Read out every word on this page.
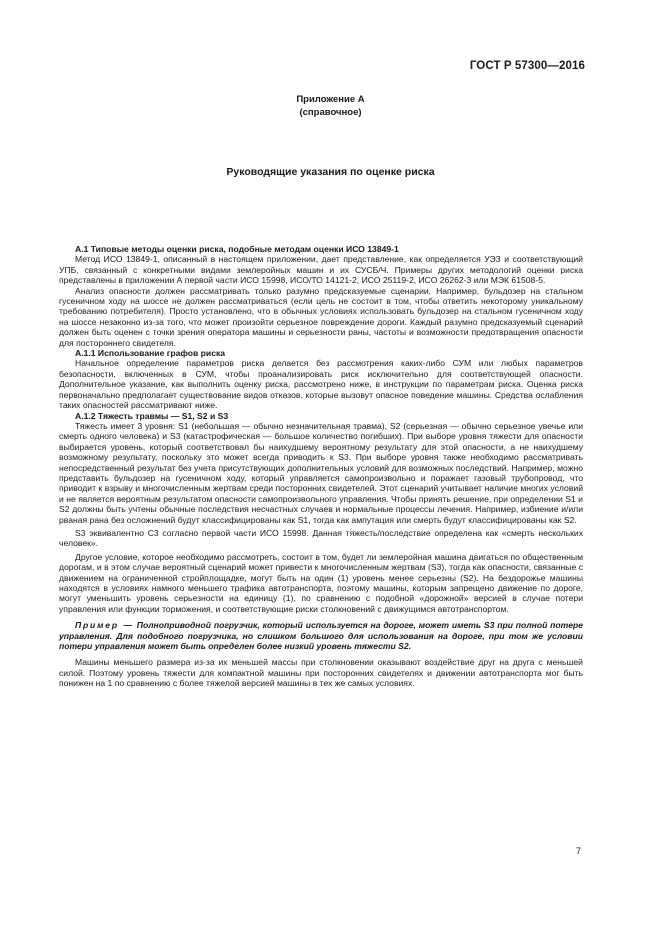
ГОСТ Р 57300—2016
Приложение А
(справочное)
Руководящие указания по оценке риска

А.1 Типовые методы оценки риска, подобные методам оценки ИСО 13849-1

Метод ИСО 13849-1, описанный в настоящем приложении, дает представление, как определяется УЭЗ и соответствующий УПБ, связанный с конкретными видами землеройных машин и их СУСБ/Ч. Примеры других методологий оценки риска представлены в приложении А первой части ИСО 15998, ИСО/ТО 14121-2, ИСО 25119-2, ИСО 26262-3 или МЭК 61508-5.

Анализ опасности должен рассматривать только разумно предсказуемые сценарии. Например, бульдозер на стальном гусеничном ходу на шоссе не должен рассматриваться (если цель не состоит в том, чтобы ответить некоторому уникальному требованию потребителя). Просто установлено, что в обычных условиях использовать бульдозер на стальном гусеничном ходу на шоссе незаконно из-за того, что может произойти серьезное повреждение дороги. Каждый разумно предсказуемый сценарий должен быть оценен с точки зрения оператора машины и серьезности раны, частоты и возможности предотвращения опасности для постороннего свидетеля.

А.1.1 Использование графов риска

Начальное определение параметров риска делается без рассмотрения каких-либо СУМ или любых параметров безопасности, включенных в СУМ, чтобы проанализировать риск исключительно для соответствующей опасности. Дополнительное указание, как выполнить оценку риска, рассмотрено ниже, в инструкции по параметрам риска. Оценка риска первоначально предполагает существование видов отказов, которые вызовут опасное поведение машины. Средства ослабления таких опасностей рассматривают ниже.

А.1.2 Тяжесть травмы — S1, S2 и S3

Тяжесть имеет 3 уровня: S1 (небольшая — обычно незначительная травма), S2 (серьезная — обычно серьезное увечье или смерть одного человека) и S3 (катастрофическая — большое количество погибших). При выборе уровня тяжести для опасности выбирается уровень, который соответствовал бы наихудшему вероятному результату для этой опасности, а не наихудшему возможному результату, поскольку это может всегда приводить к S3. При выборе уровня также необходимо рассматривать непосредственный результат без учета присутствующих дополнительных условий для возможных последствий. Например, можно представить бульдозер на гусеничном ходу, который управляется самопроизвольно и поражает газовый трубопровод, что приводит к взрыву и многочисленным жертвам среди посторонних свидетелей. Этот сценарий учитывает наличие многих условий и не является вероятным результатом опасности самопроизвольного управления. Чтобы принять решение, при определении S1 и S2 должны быть учтены обычные последствия несчастных случаев и нормальные процессы лечения. Например, избиение и/или рваная рана без осложнений будут классифицированы как S1, тогда как ампутация или смерть будут классифицированы как S2.

S3 эквивалентно C3 согласно первой части ИСО 15998. Данная тяжесть/последствие определена как «смерть нескольких человек».

Другое условие, которое необходимо рассмотреть, состоит в том, будет ли землеройная машина двигаться по общественным дорогам, и в этом случае вероятный сценарий может привести к многочисленным жертвам (S3), тогда как опасности, связанные с движением на ограниченной стройплощадке, могут быть на один (1) уровень менее серьезны (S2). На бездорожье машины находятся в условиях намного меньшего трафика автотранспорта, поэтому машины, которым запрещено движение по дороге, могут уменьшить уровень серьезности на единицу (1), по сравнению с подобной «дорожной» версией в случае потери управления или функции торможения, и соответствующие риски столкновений с движущимся автотранспортом.

Пример — Полноприводной погрузчик, который используется на дороге, может иметь S3 при полной потере управления. Для подобного погрузчика, но слишком большого для использования на дороге, при том же условии потери управления может быть определен более низкий уровень тяжести S2.

Машины меньшего размера из-за их меньшей массы при столкновении оказывают воздействие друг на друга с меньшей силой. Поэтому уровень тяжести для компактной машины при посторонних свидетелях и движении автотранспорта мог быть понижен на 1 по сравнению с более тяжелой версией машины в тех же самых условиях.

7
